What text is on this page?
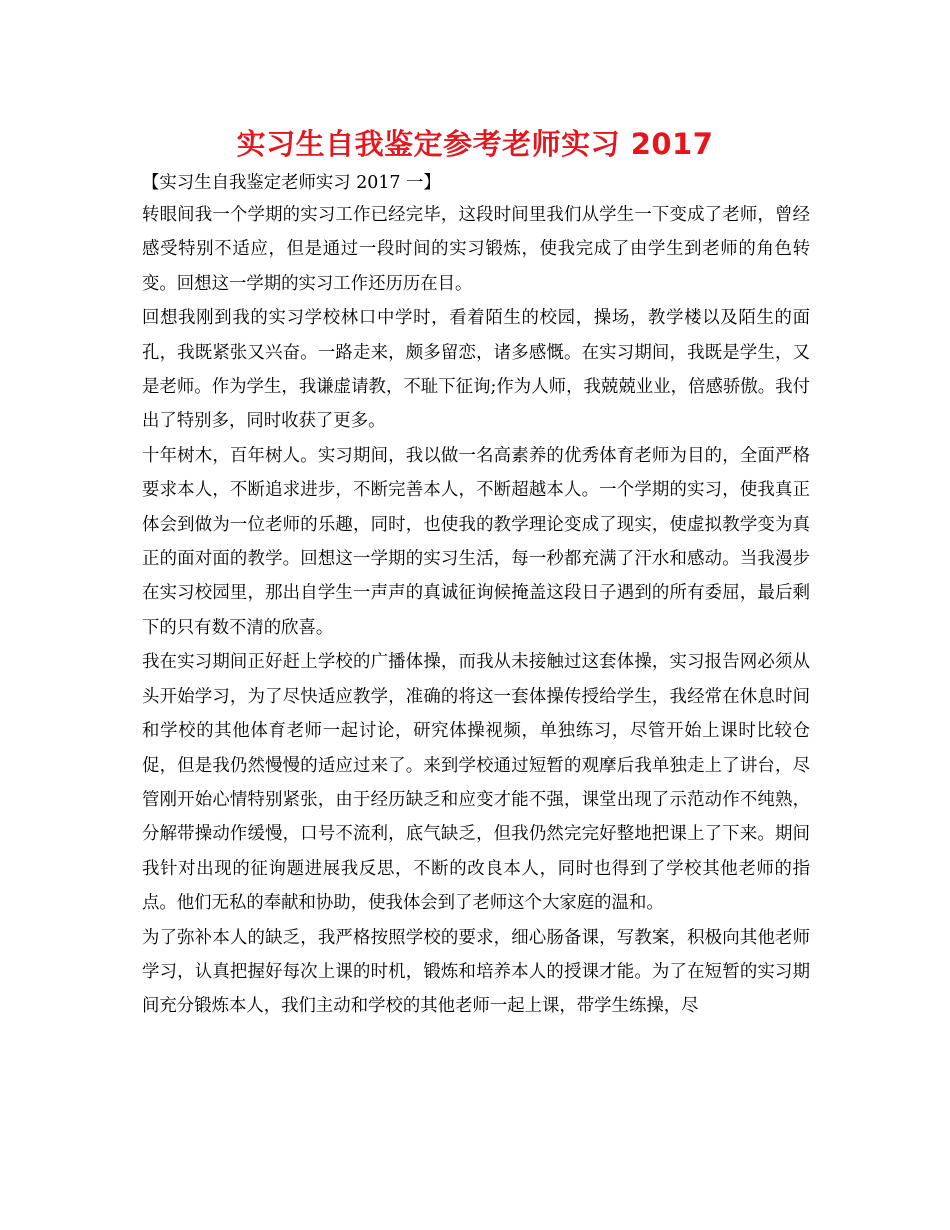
实习生自我鉴定参考老师实习 2017

【实习生自我鉴定老师实习 2017 一】

转眼间我一个学期的实习工作已经完毕，这段时间里我们从学生一下变成了老师，曾经感受特别不适应，但是通过一段时间的实习锻炼，使我完成了由学生到老师的角色转变。回想这一学期的实习工作还历历在目。

回想我刚到我的实习学校林口中学时，看着陌生的校园，操场，教学楼以及陌生的面孔，我既紧张又兴奋。一路走来，颇多留恋，诸多感慨。在实习期间，我既是学生，又是老师。作为学生，我谦虚请教，不耻下征询;作为人师，我兢兢业业，倍感骄傲。我付出了特别多，同时收获了更多。

十年树木，百年树人。实习期间，我以做一名高素养的优秀体育老师为目的，全面严格要求本人，不断追求进步，不断完善本人，不断超越本人。一个学期的实习，使我真正体会到做为一位老师的乐趣，同时，也使我的教学理论变成了现实，使虚拟教学变为真正的面对面的教学。回想这一学期的实习生活，每一秒都充满了汗水和感动。当我漫步在实习校园里，那出自学生一声声的真诚征询候掩盖这段日子遇到的所有委屈，最后剩下的只有数不清的欣喜。

我在实习期间正好赶上学校的广播体操，而我从未接触过这套体操，实习报告网必须从头开始学习，为了尽快适应教学，准确的将这一套体操传授给学生，我经常在休息时间和学校的其他体育老师一起讨论，研究体操视频，单独练习，尽管开始上课时比较仓促，但是我仍然慢慢的适应过来了。来到学校通过短暂的观摩后我单独走上了讲台，尽管刚开始心情特别紧张，由于经历缺乏和应变才能不强，课堂出现了示范动作不纯熟，分解带操动作缓慢，口号不流利，底气缺乏，但我仍然完完好整地把课上了下来。期间我针对出现的征询题进展我反思，不断的改良本人，同时也得到了学校其他老师的指点。他们无私的奉献和协助，使我体会到了老师这个大家庭的温和。

为了弥补本人的缺乏，我严格按照学校的要求，细心肠备课，写教案，积极向其他老师学习，认真把握好每次上课的时机，锻炼和培养本人的授课才能。为了在短暂的实习期间充分锻炼本人，我们主动和学校的其他老师一起上课，带学生练操，尽
